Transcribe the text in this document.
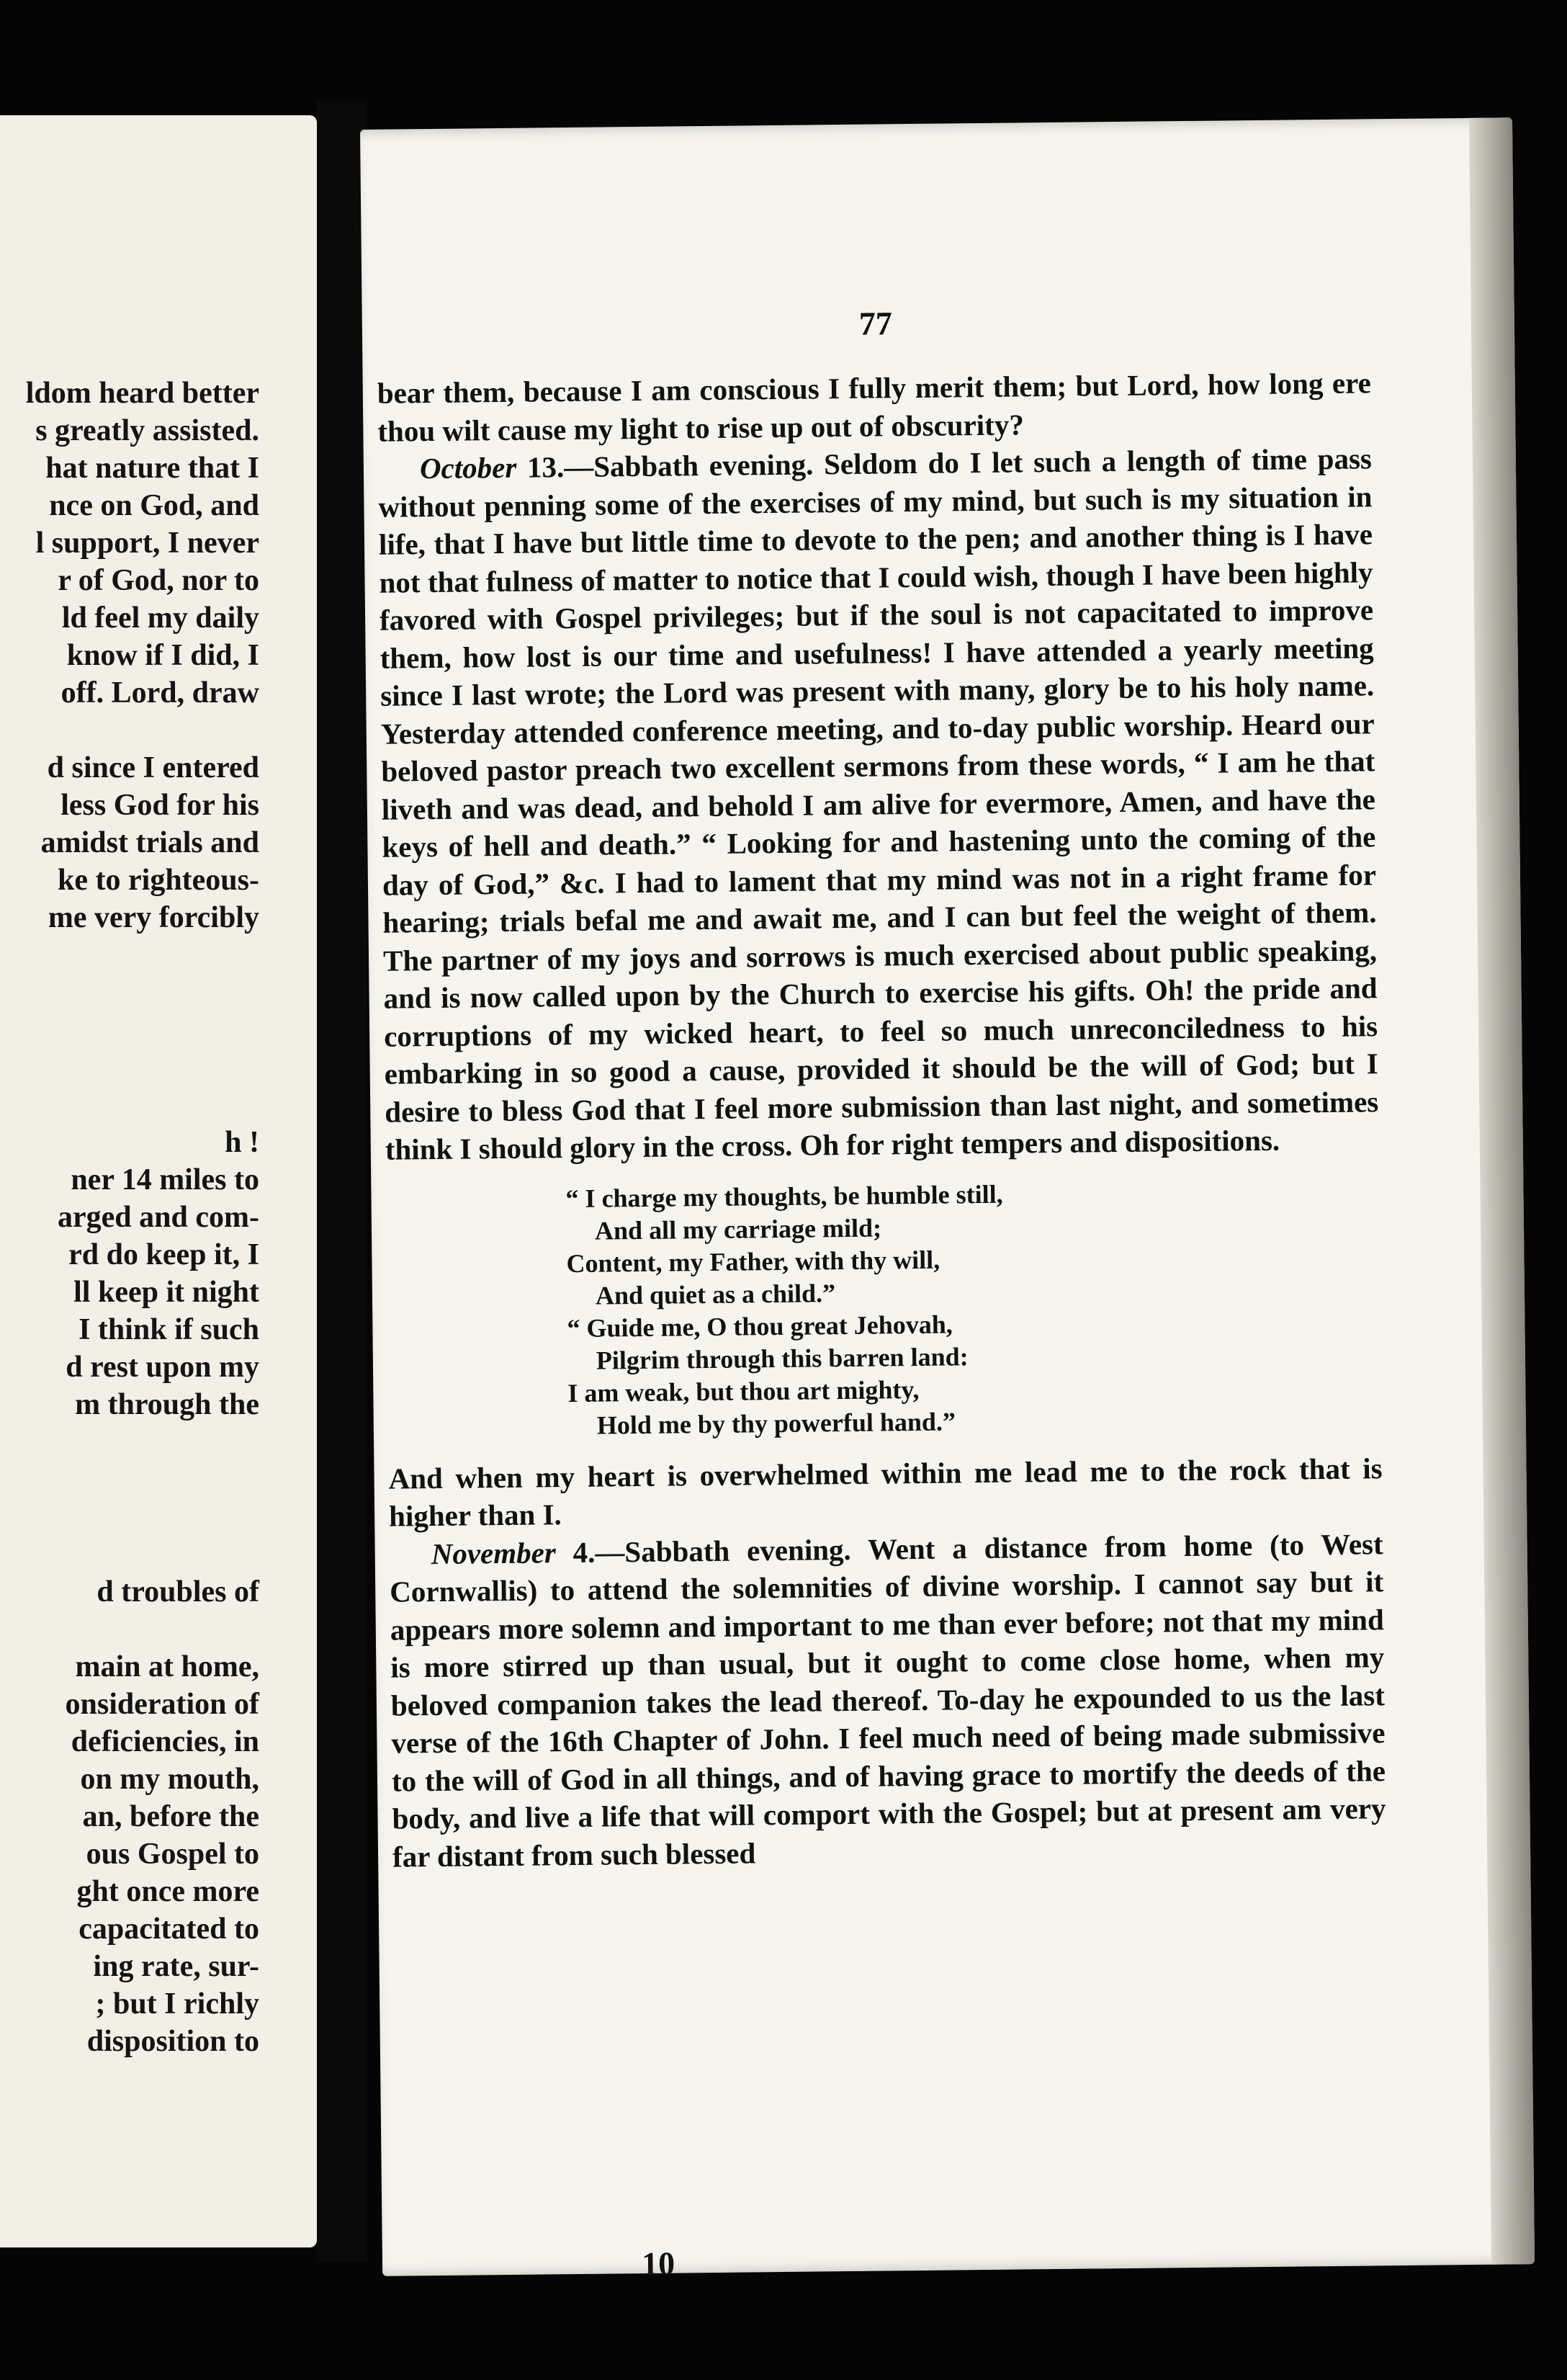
ldom heard better
s greatly assisted.
hat nature that I
nce on God, and
l support, I never
r of God, nor to
ld feel my daily
know if I did, I
off. Lord, draw

d since I entered
less God for his
amidst trials and
ke to righteous-
me very forcibly

h !
ner 14 miles to
arged and com-
rd do keep it, I
ll keep it night
I think if such
d rest upon my
m through the

d troubles of

main at home,
onsideration of
deficiencies, in
on my mouth,
an, before the
ous Gospel to
ght once more
capacitated to
ing rate, sur-
; but I richly
disposition to
77

bear them, because I am conscious I fully merit them; but Lord, how long ere thou wilt cause my light to rise up out of obscurity?

October 13.—Sabbath evening. Seldom do I let such a length of time pass without penning some of the exercises of my mind, but such is my situation in life, that I have but little time to devote to the pen; and another thing is I have not that fulness of matter to notice that I could wish, though I have been highly favored with Gospel privileges; but if the soul is not capacitated to improve them, how lost is our time and usefulness! I have attended a yearly meeting since I last wrote; the Lord was present with many, glory be to his holy name. Yesterday attended conference meeting, and to-day public worship. Heard our beloved pastor preach two excellent sermons from these words, “ I am he that liveth and was dead, and behold I am alive for evermore, Amen, and have the keys of hell and death.” “ Looking for and hastening unto the coming of the day of God,” &c. I had to lament that my mind was not in a right frame for hearing; trials befal me and await me, and I can but feel the weight of them. The partner of my joys and sorrows is much exercised about public speaking, and is now called upon by the Church to exercise his gifts. Oh! the pride and corruptions of my wicked heart, to feel so much unreconciledness to his embarking in so good a cause, provided it should be the will of God; but I desire to bless God that I feel more submission than last night, and sometimes think I should glory in the cross. Oh for right tempers and dispositions.

“ I charge my thoughts, be humble still,
And all my carriage mild;
Content, my Father, with thy will,
And quiet as a child.”
“ Guide me, O thou great Jehovah,
Pilgrim through this barren land:
I am weak, but thou art mighty,
Hold me by thy powerful hand.”

And when my heart is overwhelmed within me lead me to the rock that is higher than I.

November 4.—Sabbath evening. Went a distance from home (to West Cornwallis) to attend the solemnities of divine worship. I cannot say but it appears more solemn and important to me than ever before; not that my mind is more stirred up than usual, but it ought to come close home, when my beloved companion takes the lead thereof. To-day he expounded to us the last verse of the 16th Chapter of John. I feel much need of being made submissive to the will of God in all things, and of having grace to mortify the deeds of the body, and live a life that will comport with the Gospel; but at present am very far distant from such blessed

10
